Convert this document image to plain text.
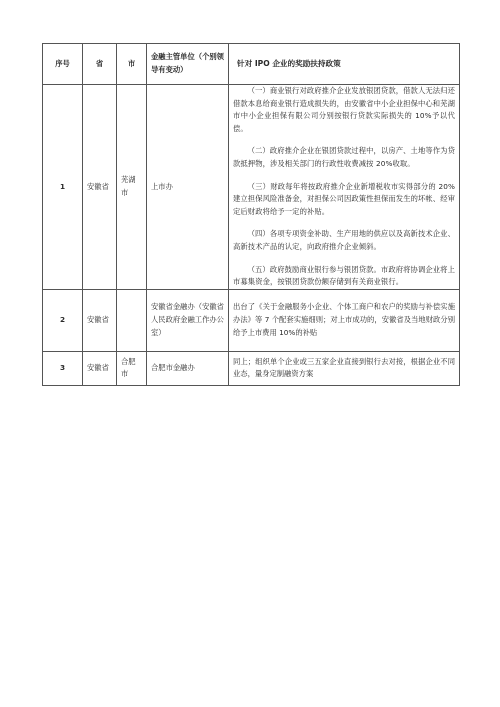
序号	省	市	金融主管单位（个别领导有变动）	针对 IPO 企业的奖励扶持政策
1	安徽省	芜湖市	上市办	（一）商业银行对政府推介企业发放银团贷款，借款人无法归还借款本息给商业银行造成损失的，由安徽省中小企业担保中心和芜湖市中小企业担保有限公司分别按银行贷款实际损失的 10%予以代偿。

（二）政府推介企业在银团贷款过程中，以房产、土地等作为贷款抵押物，涉及相关部门的行政性收费减按 20%收取。

（三）财政每年将按政府推介企业新增税收市实得部分的 20%建立担保风险准备金，对担保公司因政策性担保而发生的坏帐、经审定后财政将给予一定的补贴。

（四）各项专项资金补助、生产用地的供应以及高新技术企业、高新技术产品的认定，向政府推介企业倾斜。

（五）政府鼓励商业银行参与银团贷款。市政府将协调企业将上市募集资金，按银团贷款份额存储到有关商业银行。

2	安徽省		安徽省金融办（安徽省人民政府金融工作办公室）	出台了《关于金融服务小企业、个体工商户和农户的奖励与补偿实施办法》等 7 个配套实施细则；对上市成功的，安徽省及当地财政分别给予上市费用 10%的补贴

3	安徽省	合肥市	合肥市金融办	同上；组织单个企业或三五家企业直接到银行去对接，根据企业不同业态，量身定制融资方案
